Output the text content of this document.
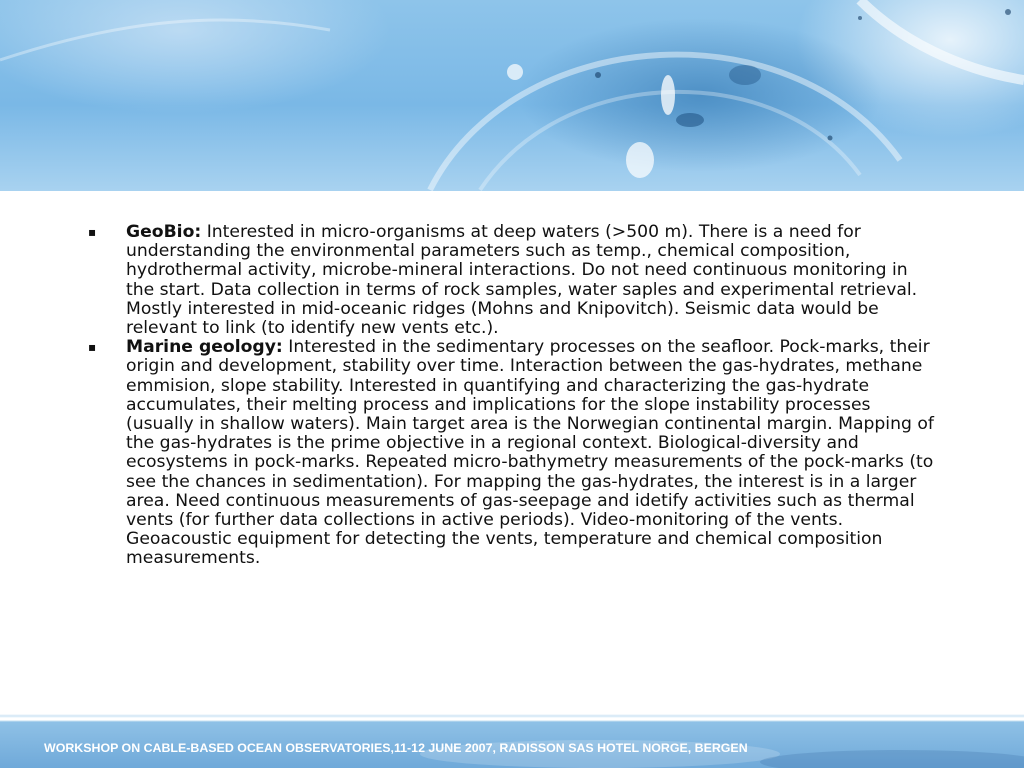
▪ GeoBio: Interested in micro-organisms at deep waters (>500 m). There is a need for understanding the environmental parameters such as temp., chemical composition, hydrothermal activity, microbe-mineral interactions. Do not need continuous monitoring in the start. Data collection in terms of rock samples, water saples and experimental retrieval. Mostly interested in mid-oceanic ridges (Mohns and Knipovitch). Seismic data would be relevant to link (to identify new vents etc.).
▪ Marine geology: Interested in the sedimentary processes on the seafloor. Pock-marks, their origin and development, stability over time. Interaction between the gas-hydrates, methane emmision, slope stability. Interested in quantifying and characterizing the gas-hydrate accumulates, their melting process and implications for the slope instability processes (usually in shallow waters). Main target area is the Norwegian continental margin. Mapping of the gas-hydrates is the prime objective in a regional context. Biological-diversity and ecosystems in pock-marks. Repeated micro-bathymetry measurements of the pock-marks (to see the chances in sedimentation). For mapping the gas-hydrates, the interest is in a larger area. Need continuous measurements of gas-seepage and idetify activities such as thermal vents (for further data collections in active periods). Video-monitoring of the vents. Geoacoustic equipment for detecting the vents, temperature and chemical composition measurements.
WORKSHOP ON CABLE-BASED OCEAN OBSERVATORIES,11-12 JUNE 2007, RADISSON SAS HOTEL NORGE, BERGEN
